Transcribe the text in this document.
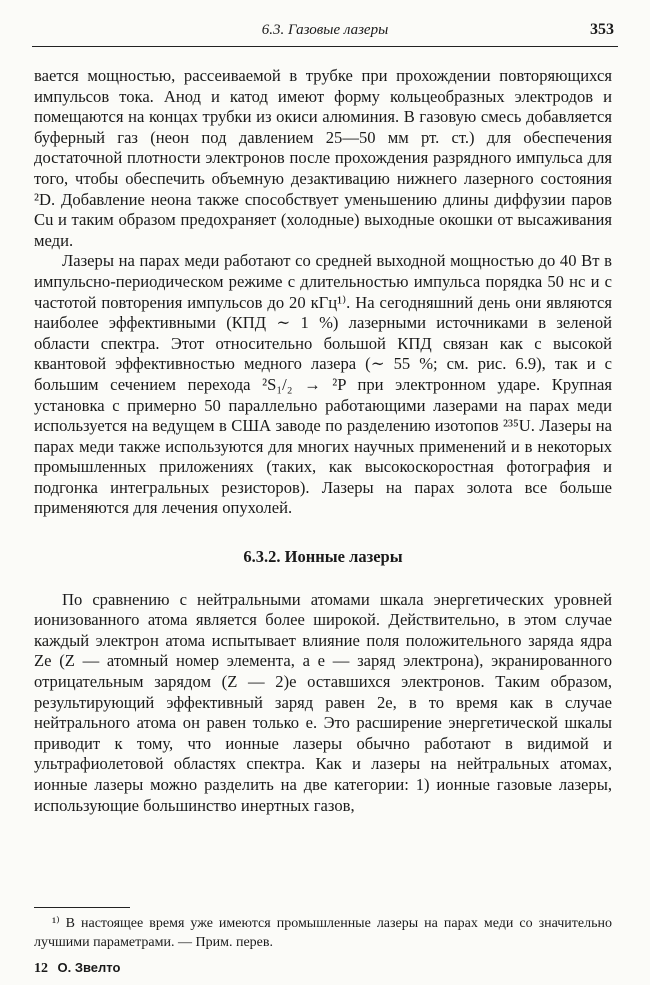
6.3. Газовые лазеры	353

вается мощностью, рассеиваемой в трубке при прохождении повторяющихся импульсов тока. Анод и катод имеют форму кольцеобразных электродов и помещаются на концах трубки из окиси алюминия. В газовую смесь добавляется буферный газ (неон под давлением 25—50 мм рт. ст.) для обеспечения достаточной плотности электронов после прохождения разрядного импульса для того, чтобы обеспечить объемную дезактивацию нижнего лазерного состояния ²D. Добавление неона также способствует уменьшению длины диффузии паров Cu и таким образом предохраняет (холодные) выходные окошки от высаживания меди.

Лазеры на парах меди работают со средней выходной мощностью до 40 Вт в импульсно-периодическом режиме с длительностью импульса порядка 50 нс и с частотой повторения импульсов до 20 кГц¹⁾. На сегодняшний день они являются наиболее эффективными (КПД ∼ 1 %) лазерными источниками в зеленой области спектра. Этот относительно большой КПД связан как с высокой квантовой эффективностью медного лазера (∼ 55 %; см. рис. 6.9), так и с большим сечением перехода ²S₁/₂ → ²P при электронном ударе. Крупная установка с примерно 50 параллельно работающими лазерами на парах меди используется на ведущем в США заводе по разделению изотопов ²³⁵U. Лазеры на парах меди также используются для многих научных применений и в некоторых промышленных приложениях (таких, как высокоскоростная фотография и подгонка интегральных резисторов). Лазеры на парах золота все больше применяются для лечения опухолей.

6.3.2. Ионные лазеры

По сравнению с нейтральными атомами шкала энергетических уровней ионизованного атома является более широкой. Действительно, в этом случае каждый электрон атома испытывает влияние поля положительного заряда ядра Ze (Z — атомный номер элемента, а e — заряд электрона), экранированного отрицательным зарядом (Z — 2)e оставшихся электронов. Таким образом, результирующий эффективный заряд равен 2e, в то время как в случае нейтрального атома он равен только e. Это расширение энергетической шкалы приводит к тому, что ионные лазеры обычно работают в видимой и ультрафиолетовой областях спектра. Как и лазеры на нейтральных атомах, ионные лазеры можно разделить на две категории: 1) ионные газовые лазеры, использующие большинство инертных газов,

¹⁾ В настоящее время уже имеются промышленные лазеры на парах меди со значительно лучшими параметрами. — Прим. перев.
12 О. Звелто
